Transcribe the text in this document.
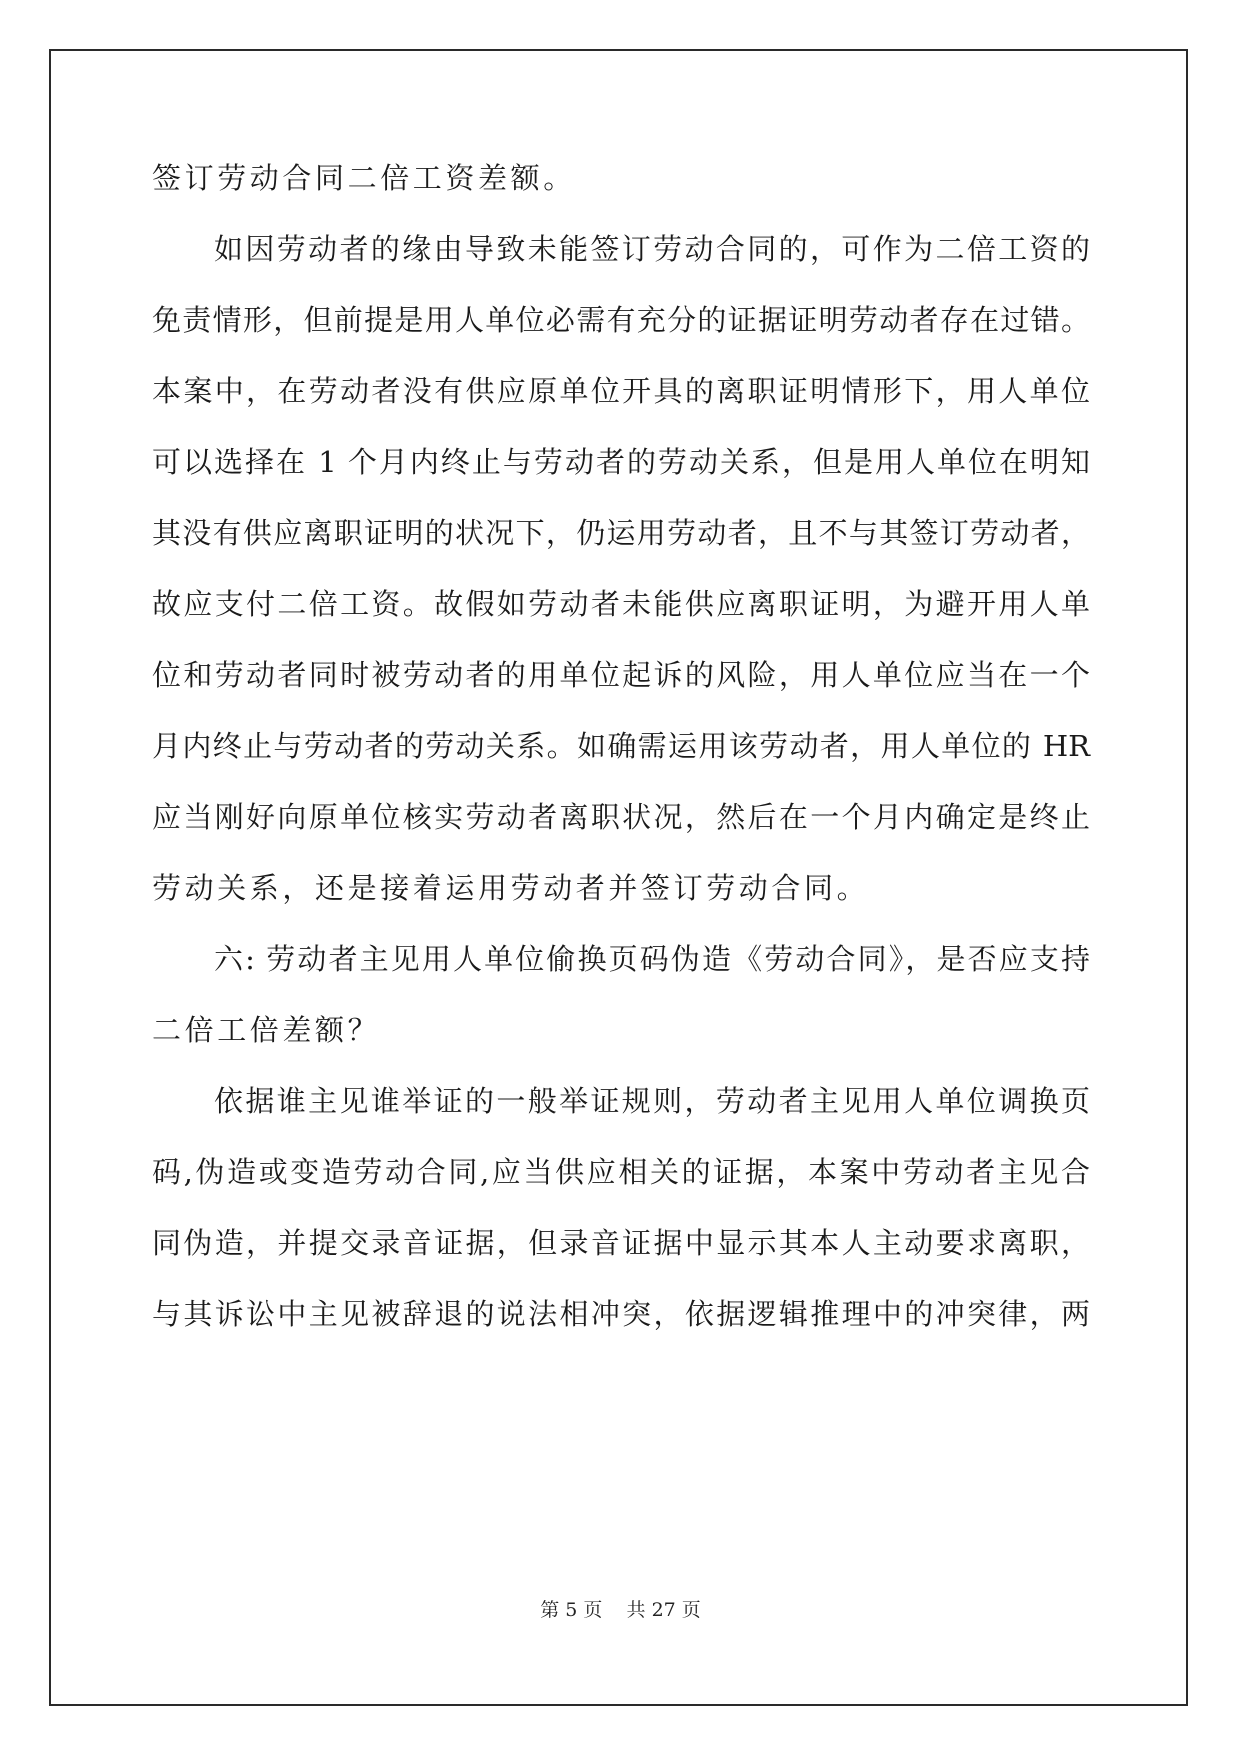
签订劳动合同二倍工资差额。
如因劳动者的缘由导致未能签订劳动合同的，可作为二倍工资的
免责情形，但前提是用人单位必需有充分的证据证明劳动者存在过错。
本案中，在劳动者没有供应原单位开具的离职证明情形下，用人单位
可以选择在 1 个月内终止与劳动者的劳动关系，但是用人单位在明知
其没有供应离职证明的状况下，仍运用劳动者，且不与其签订劳动者，
故应支付二倍工资。故假如劳动者未能供应离职证明，为避开用人单
位和劳动者同时被劳动者的用单位起诉的风险，用人单位应当在一个
月内终止与劳动者的劳动关系。如确需运用该劳动者，用人单位的 HR
应当刚好向原单位核实劳动者离职状况，然后在一个月内确定是终止
劳动关系，还是接着运用劳动者并签订劳动合同。
六: 劳动者主见用人单位偷换页码伪造《劳动合同》，是否应支持
二倍工倍差额？
依据谁主见谁举证的一般举证规则，劳动者主见用人单位调换页
码,伪造或变造劳动合同,应当供应相关的证据，本案中劳动者主见合
同伪造，并提交录音证据，但录音证据中显示其本人主动要求离职，
与其诉讼中主见被辞退的说法相冲突，依据逻辑推理中的冲突律，两
第 5 页    共 27 页
